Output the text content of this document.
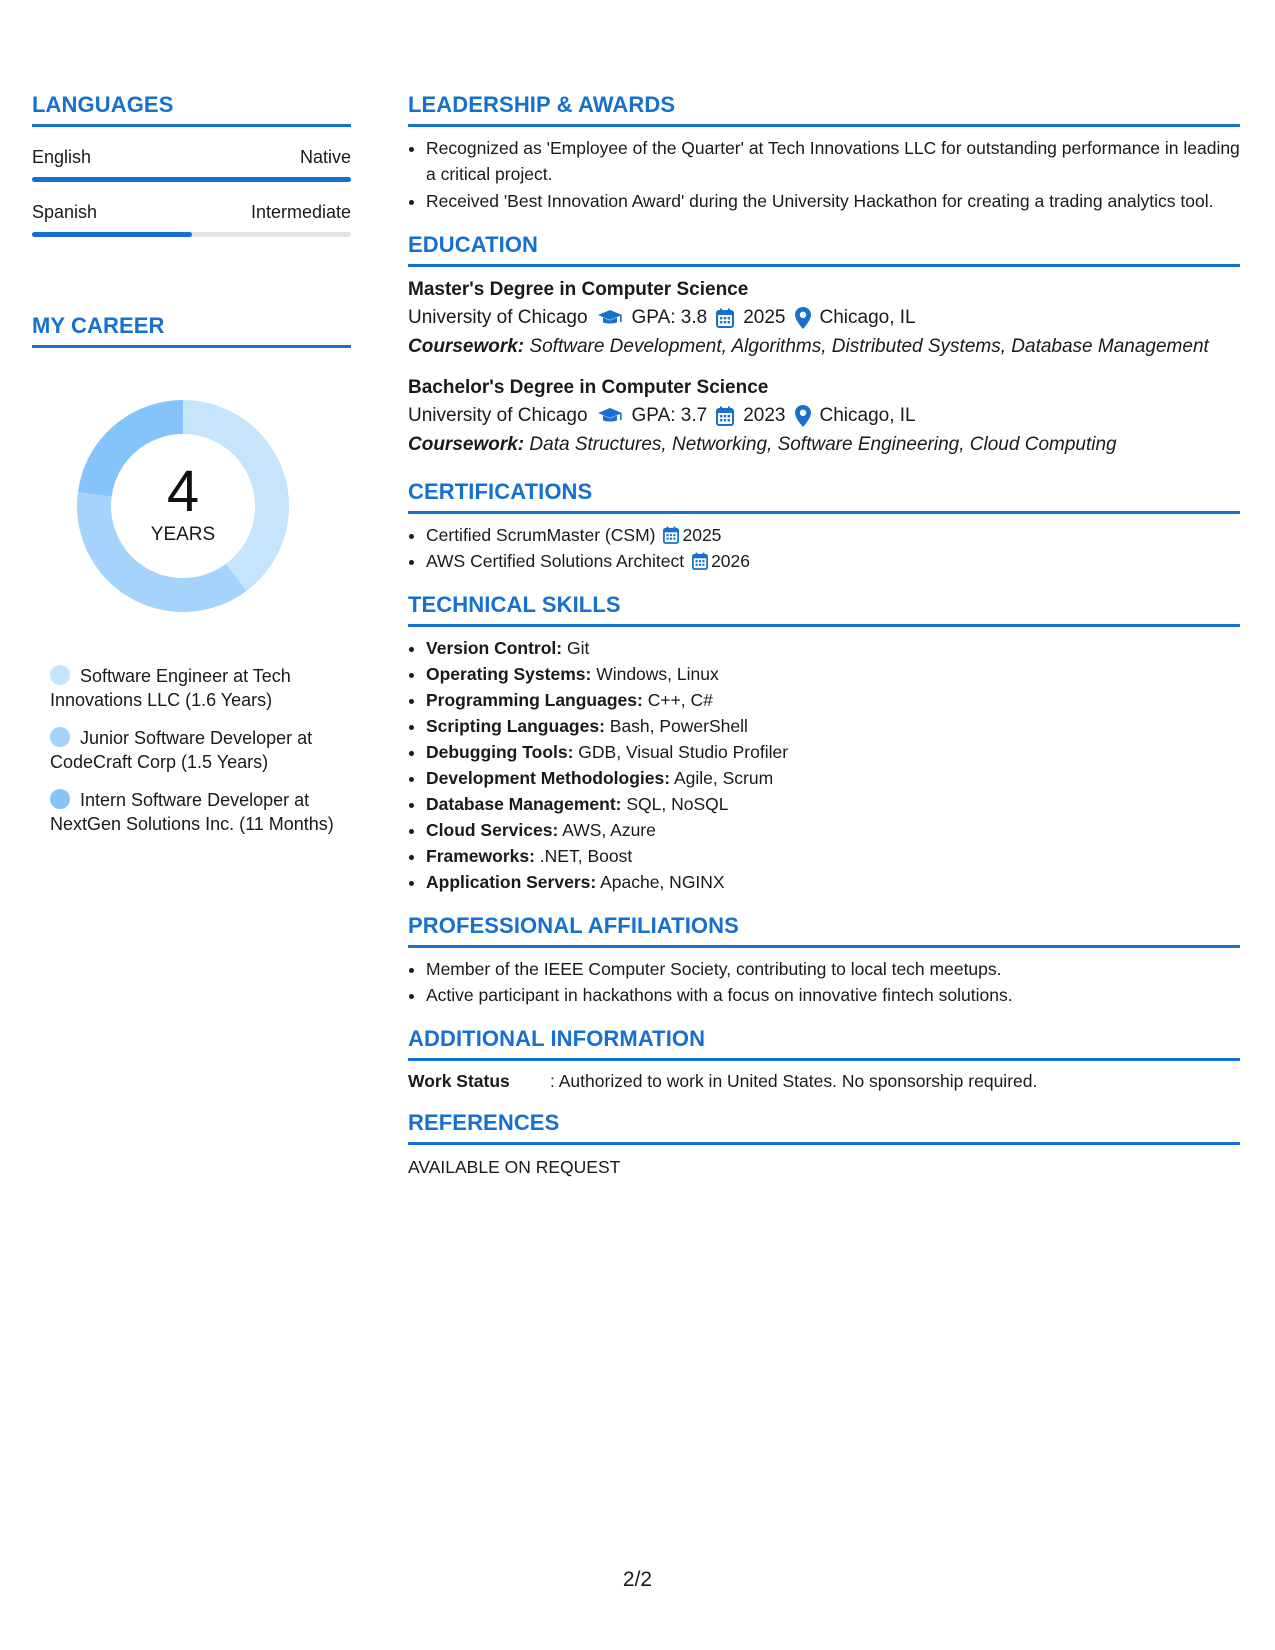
LANGUAGES
English	Native
Spanish	Intermediate
MY CAREER
4
YEARS
Software Engineer at Tech Innovations LLC (1.6 Years)
Junior Software Developer at CodeCraft Corp (1.5 Years)
Intern Software Developer at NextGen Solutions Inc. (11 Months)
LEADERSHIP & AWARDS
• Recognized as 'Employee of the Quarter' at Tech Innovations LLC for outstanding performance in leading a critical project.
• Received 'Best Innovation Award' during the University Hackathon for creating a trading analytics tool.
EDUCATION
Master's Degree in Computer Science
University of Chicago GPA: 3.8 2025 Chicago, IL
Coursework: Software Development, Algorithms, Distributed Systems, Database Management
Bachelor's Degree in Computer Science
University of Chicago GPA: 3.7 2023 Chicago, IL
Coursework: Data Structures, Networking, Software Engineering, Cloud Computing
CERTIFICATIONS
• Certified ScrumMaster (CSM) 2025
• AWS Certified Solutions Architect 2026
TECHNICAL SKILLS
• Version Control: Git
• Operating Systems: Windows, Linux
• Programming Languages: C++, C#
• Scripting Languages: Bash, PowerShell
• Debugging Tools: GDB, Visual Studio Profiler
• Development Methodologies: Agile, Scrum
• Database Management: SQL, NoSQL
• Cloud Services: AWS, Azure
• Frameworks: .NET, Boost
• Application Servers: Apache, NGINX
PROFESSIONAL AFFILIATIONS
• Member of the IEEE Computer Society, contributing to local tech meetups.
• Active participant in hackathons with a focus on innovative fintech solutions.
ADDITIONAL INFORMATION
Work Status	: Authorized to work in United States. No sponsorship required.
REFERENCES
AVAILABLE ON REQUEST
2/2
